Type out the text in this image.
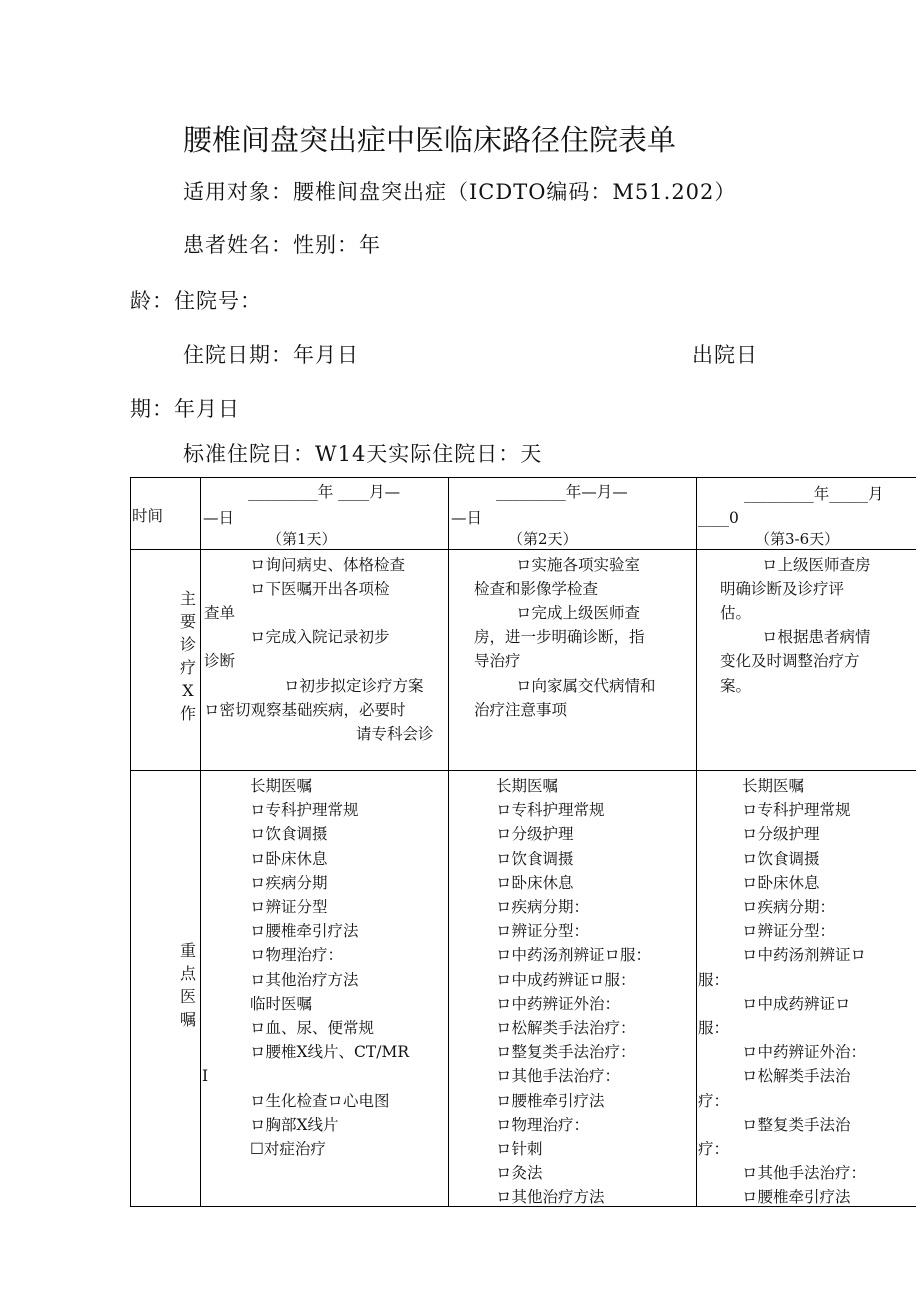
腰椎间盘突出症中医临床路径住院表单
适用对象：腰椎间盘突出症（ICDTO编码：M51.202）
患者姓名：性别：年
龄：住院号：
住院日期：年月日	出院日
期：年月日
标准住院日：W14天实际住院日：天
时间
_________年 ____月—
—日
（第1天）
_________年—月—
—日
（第2天）
_________年_____月
____0
（第3-6天）
主
要
诊
疗
X
作
ロ询问病史、体格检查
ロ下医嘱开出各项检
查单
ロ完成入院记录初步
诊断
ロ初步拟定诊疗方案
ロ密切观察基础疾病，必要时
请专科会诊
ロ实施各项实验室
检查和影像学检查
ロ完成上级医师查
房，进一步明确诊断，指
导治疗
ロ向家属交代病情和
治疗注意事项
ロ上级医师查房
明确诊断及诊疗评
估。
ロ根据患者病情
变化及时调整治疗方
案。
重
点
医
嘱
长期医嘱
ロ专科护理常规
ロ饮食调摄
ロ卧床休息
ロ疾病分期
ロ辨证分型
ロ腰椎牵引疗法
ロ物理治疗：
ロ其他治疗方法
临时医嘱
ロ血、尿、便常规
ロ腰椎X线片、CT/MR
I
ロ生化检查ロ心电图
ロ胸部X线片
☐对症治疗
长期医嘱
ロ专科护理常规
ロ分级护理
ロ饮食调摄
ロ卧床休息
ロ疾病分期：
ロ辨证分型：
ロ中药汤剂辨证ロ服：
ロ中成药辨证ロ服：
ロ中药辨证外治：
ロ松解类手法治疗：
ロ整复类手法治疗：
ロ其他手法治疗：
ロ腰椎牵引疗法
ロ物理治疗：
ロ针刺
ロ灸法
ロ其他治疗方法
长期医嘱
ロ专科护理常规
ロ分级护理
ロ饮食调摄
ロ卧床休息
ロ疾病分期：
ロ辨证分型：
ロ中药汤剂辨证ロ
服：
ロ中成药辨证ロ
服：
ロ中药辨证外治：
ロ松解类手法治
疗：
ロ整复类手法治
疗：
ロ其他手法治疗：
ロ腰椎牵引疗法
